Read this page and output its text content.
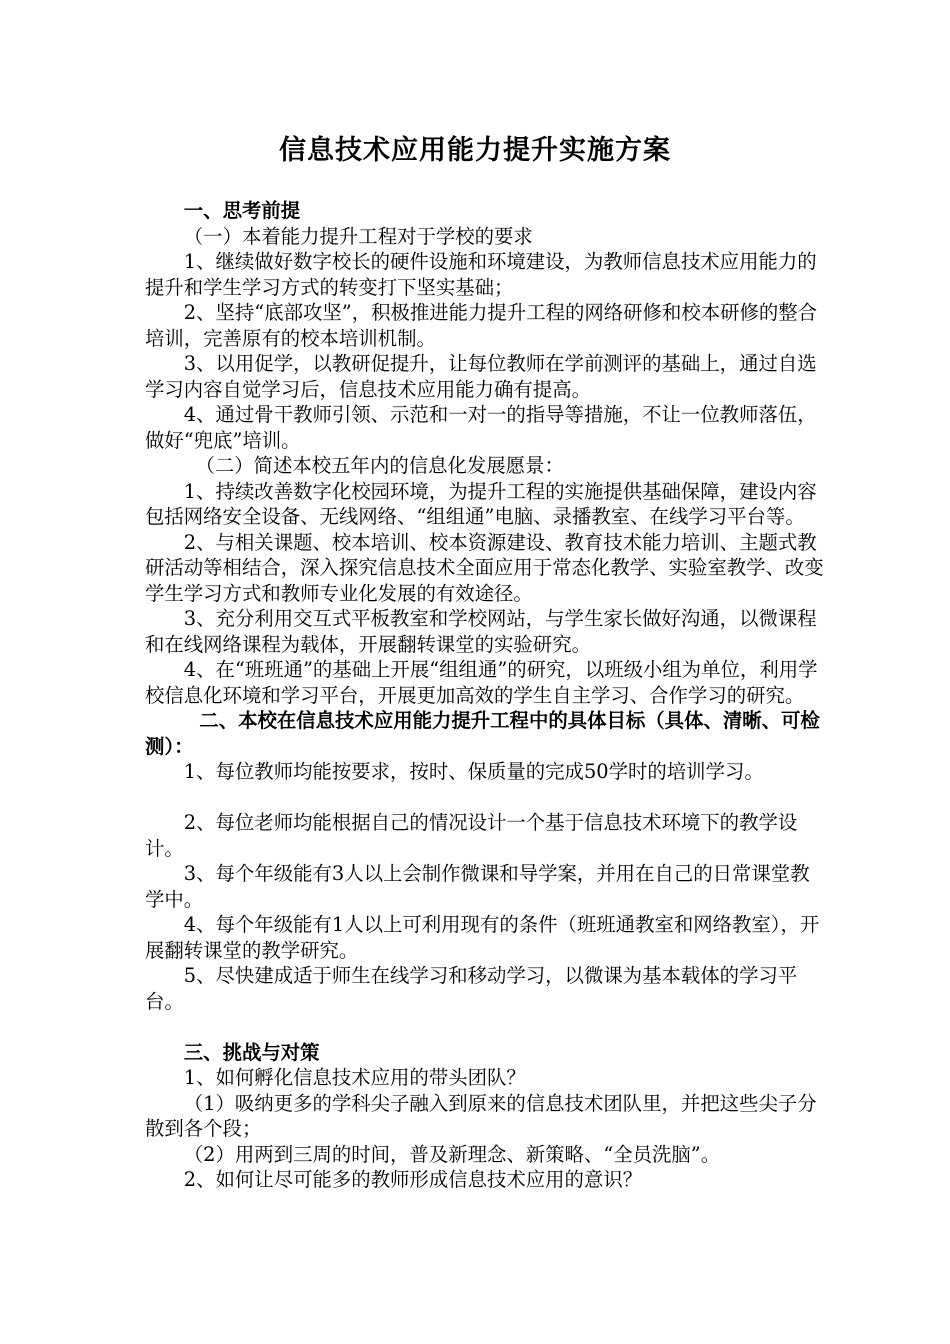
信息技术应用能力提升实施方案

一、思考前提

（一）本着能力提升工程对于学校的要求

1、继续做好数字校长的硬件设施和环境建设，为教师信息技术应用能力的提升和学生学习方式的转变打下坚实基础；

2、坚持“底部攻坚”，积极推进能力提升工程的网络研修和校本研修的整合培训，完善原有的校本培训机制。

3、以用促学，以教研促提升，让每位教师在学前测评的基础上，通过自选学习内容自觉学习后，信息技术应用能力确有提高。

4、通过骨干教师引领、示范和一对一的指导等措施，不让一位教师落伍，做好“兜底”培训。

（二）简述本校五年内的信息化发展愿景：

1、持续改善数字化校园环境，为提升工程的实施提供基础保障，建设内容包括网络安全设备、无线网络、“组组通”电脑、录播教室、在线学习平台等。

2、与相关课题、校本培训、校本资源建设、教育技术能力培训、主题式教研活动等相结合，深入探究信息技术全面应用于常态化教学、实验室教学、改变学生学习方式和教师专业化发展的有效途径。

3、充分利用交互式平板教室和学校网站，与学生家长做好沟通，以微课程和在线网络课程为载体，开展翻转课堂的实验研究。

4、在“班班通”的基础上开展“组组通”的研究，以班级小组为单位，利用学校信息化环境和学习平台，开展更加高效的学生自主学习、合作学习的研究。

二、本校在信息技术应用能力提升工程中的具体目标（具体、清晰、可检测）：

1、每位教师均能按要求，按时、保质量的完成50学时的培训学习。

2、每位老师均能根据自己的情况设计一个基于信息技术环境下的教学设计。

3、每个年级能有3人以上会制作微课和导学案，并用在自己的日常课堂教学中。

4、每个年级能有1人以上可利用现有的条件（班班通教室和网络教室），开展翻转课堂的教学研究。

5、尽快建成适于师生在线学习和移动学习，以微课为基本载体的学习平台。

三、挑战与对策

1、如何孵化信息技术应用的带头团队？

（1）吸纳更多的学科尖子融入到原来的信息技术团队里，并把这些尖子分散到各个段；

（2）用两到三周的时间，普及新理念、新策略、“全员洗脑”。

2、如何让尽可能多的教师形成信息技术应用的意识？
